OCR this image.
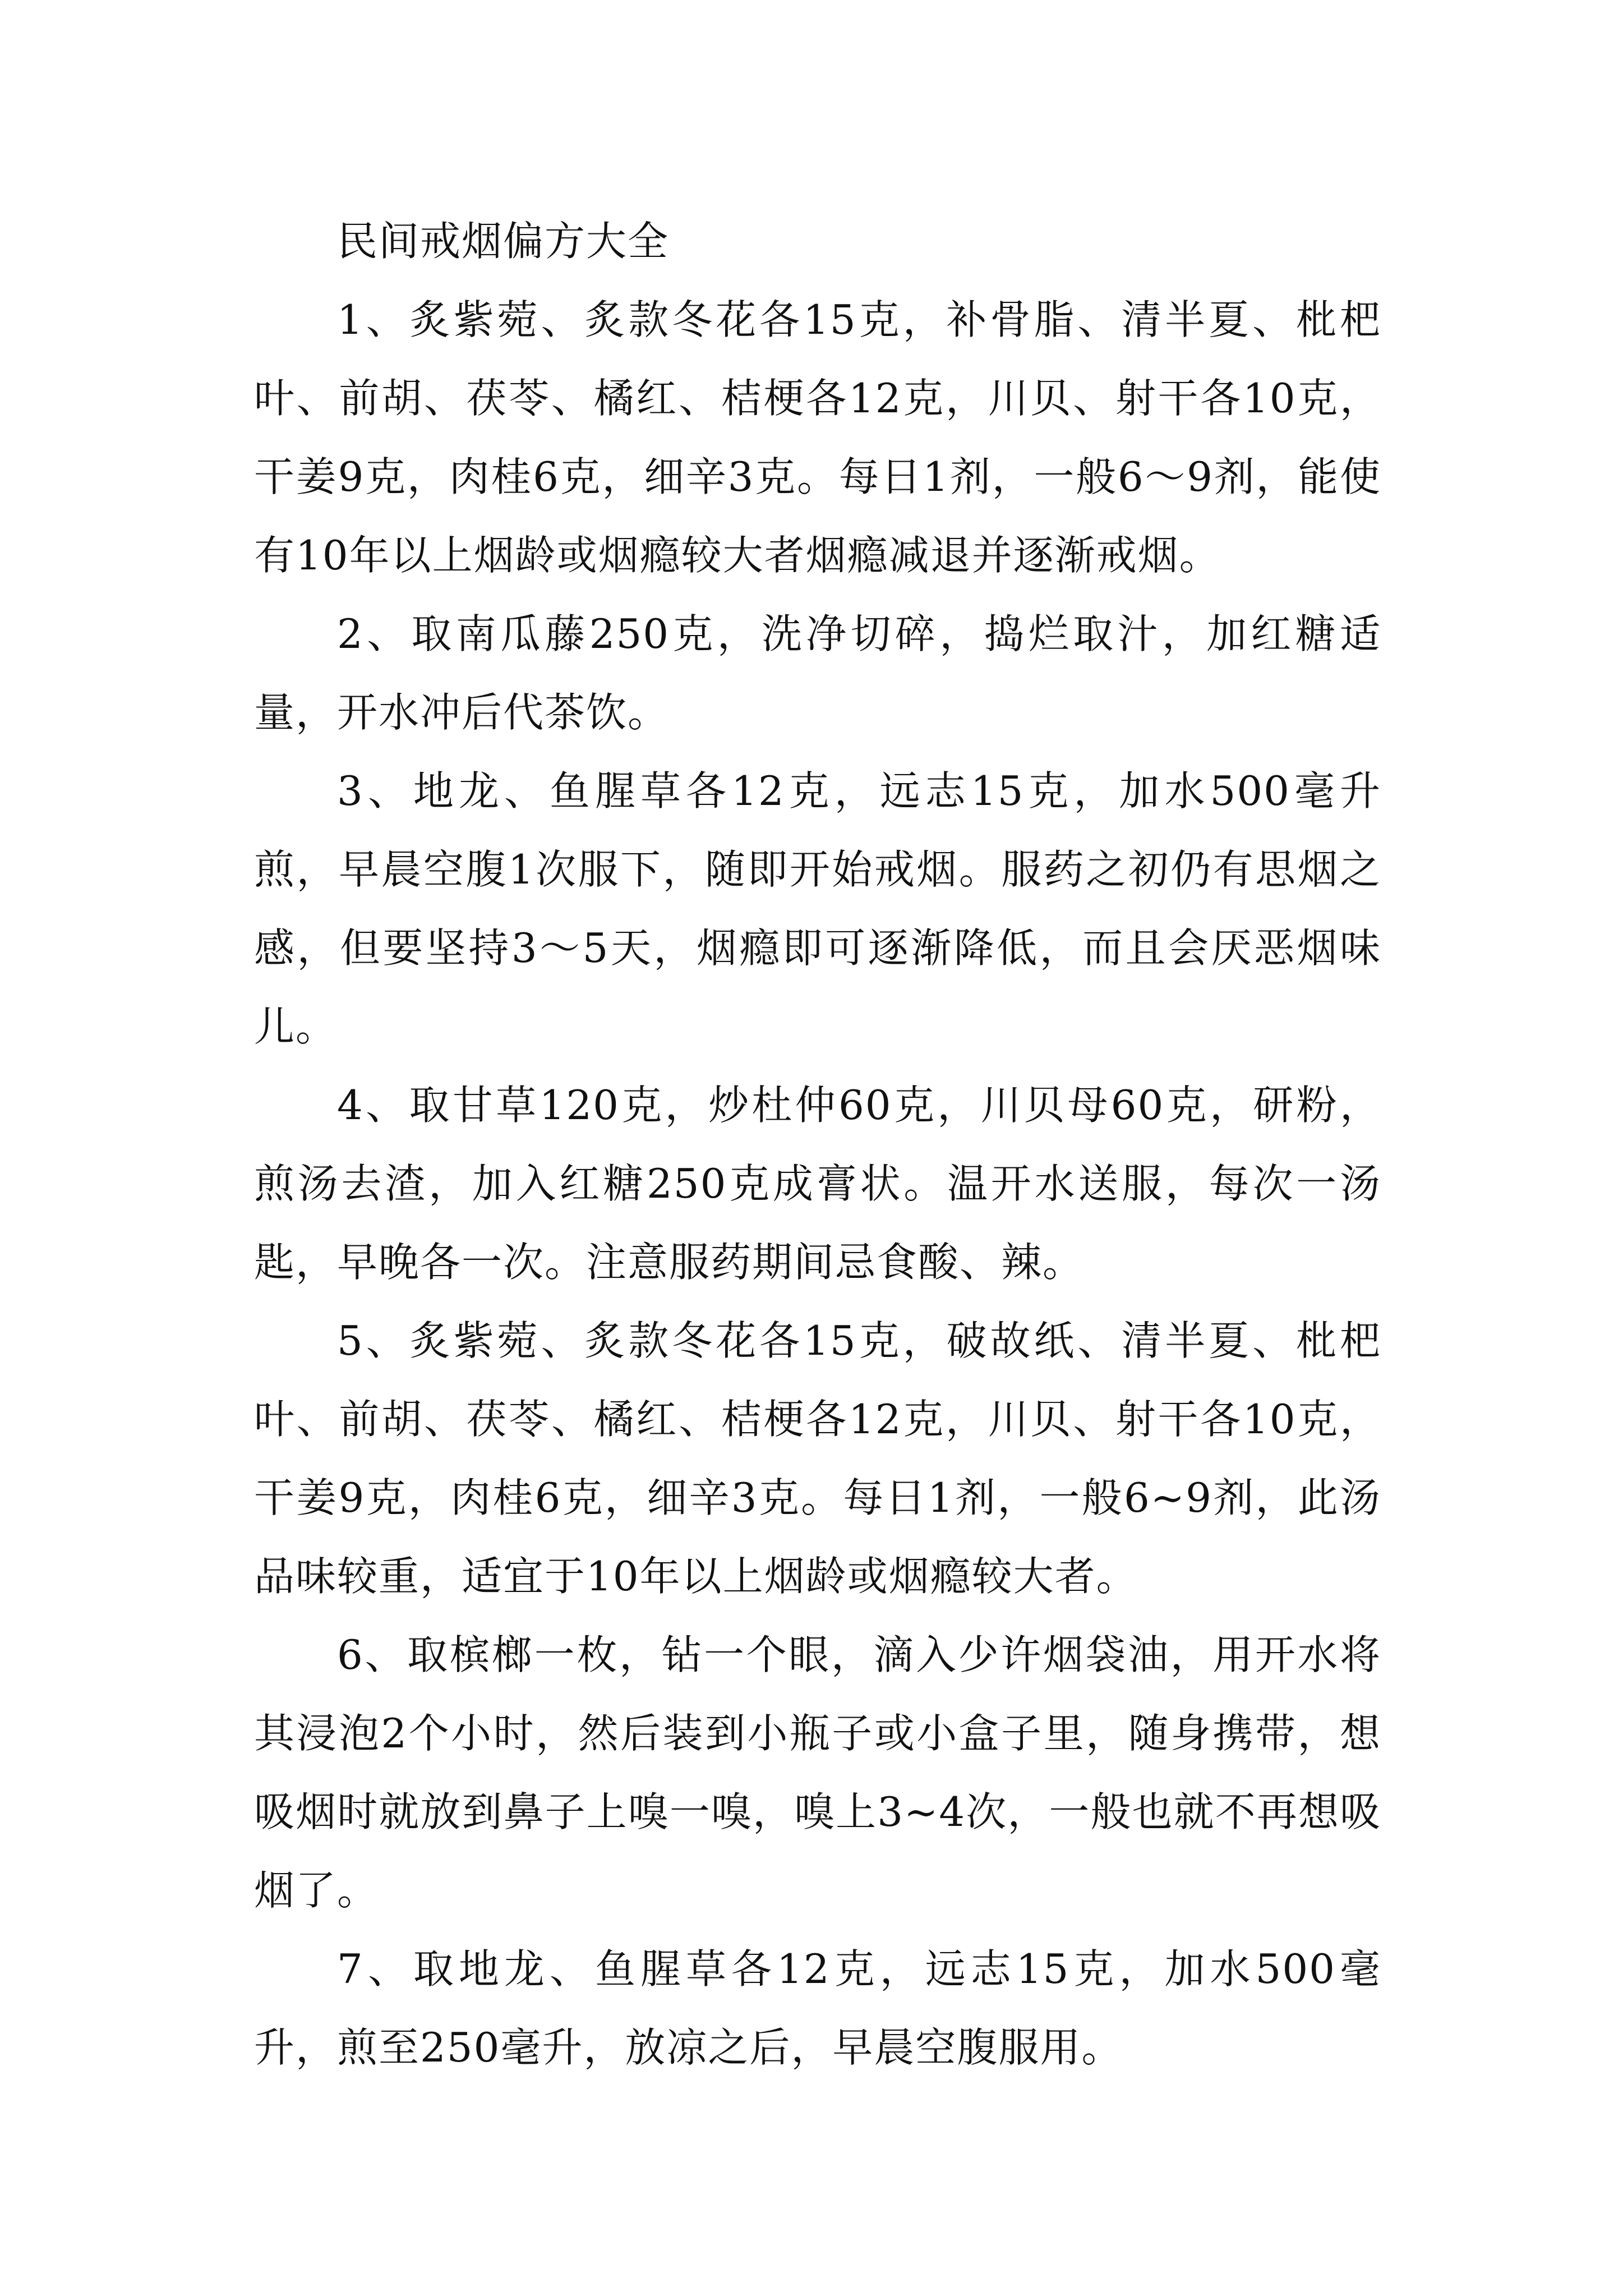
民间戒烟偏方大全

1、炙紫菀、炙款冬花各15克，补骨脂、清半夏、枇杷叶、前胡、茯苓、橘红、桔梗各12克，川贝、射干各10克，干姜9克，肉桂6克，细辛3克。每日1剂，一般6～9剂，能使有10年以上烟龄或烟瘾较大者烟瘾减退并逐渐戒烟。

2、取南瓜藤250克，洗净切碎，捣烂取汁，加红糖适量，开水冲后代茶饮。

3、地龙、鱼腥草各12克，远志15克，加水500毫升煎，早晨空腹1次服下，随即开始戒烟。服药之初仍有思烟之感，但要坚持3～5天，烟瘾即可逐渐降低，而且会厌恶烟味儿。

4、取甘草120克，炒杜仲60克，川贝母60克，研粉，煎汤去渣，加入红糖250克成膏状。温开水送服，每次一汤匙，早晚各一次。注意服药期间忌食酸、辣。

5、炙紫菀、炙款冬花各15克，破故纸、清半夏、枇杷叶、前胡、茯苓、橘红、桔梗各12克，川贝、射干各10克，干姜9克，肉桂6克，细辛3克。每日1剂，一般6~9剂，此汤品味较重，适宜于10年以上烟龄或烟瘾较大者。

6、取槟榔一枚，钻一个眼，滴入少许烟袋油，用开水将其浸泡2个小时，然后装到小瓶子或小盒子里，随身携带，想吸烟时就放到鼻子上嗅一嗅，嗅上3~4次，一般也就不再想吸烟了。

7、取地龙、鱼腥草各12克，远志15克，加水500毫升，煎至250毫升，放凉之后，早晨空腹服用。
